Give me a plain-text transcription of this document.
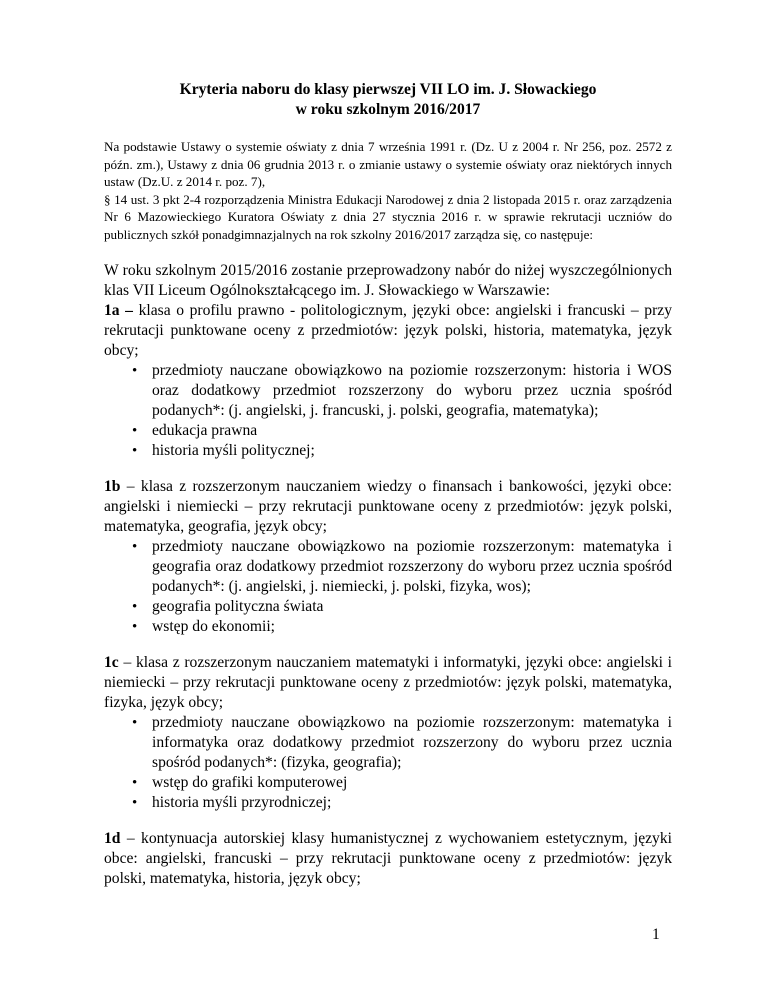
Kryteria naboru do klasy pierwszej VII LO im. J. Słowackiego
w roku szkolnym 2016/2017

Na podstawie Ustawy o systemie oświaty z dnia 7 września 1991 r. (Dz. U z 2004 r. Nr 256, poz. 2572 z późn. zm.), Ustawy z dnia 06 grudnia 2013 r. o zmianie ustawy o systemie oświaty oraz niektórych innych ustaw (Dz.U. z 2014 r. poz. 7),

§ 14 ust. 3 pkt 2-4 rozporządzenia Ministra Edukacji Narodowej z dnia 2 listopada 2015 r. oraz zarządzenia Nr 6 Mazowieckiego Kuratora Oświaty z dnia 27 stycznia 2016 r. w sprawie rekrutacji uczniów do publicznych szkół ponadgimnazjalnych na rok szkolny 2016/2017 zarządza się, co następuje:

W roku szkolnym 2015/2016 zostanie przeprowadzony nabór do niżej wyszczególnionych klas VII Liceum Ogólnokształcącego im. J. Słowackiego w Warszawie:

1a – klasa o profilu prawno - politologicznym, języki obce: angielski i francuski – przy rekrutacji punktowane oceny z przedmiotów: język polski, historia, matematyka, język obcy;

• przedmioty nauczane obowiązkowo na poziomie rozszerzonym: historia i WOS oraz dodatkowy przedmiot rozszerzony do wyboru przez ucznia spośród podanych*: (j. angielski, j. francuski, j. polski, geografia, matematyka);
• edukacja prawna
• historia myśli politycznej;

1b – klasa z rozszerzonym nauczaniem wiedzy o finansach i bankowości, języki obce: angielski i niemiecki – przy rekrutacji punktowane oceny z przedmiotów: język polski, matematyka, geografia, język obcy;

• przedmioty nauczane obowiązkowo na poziomie rozszerzonym: matematyka i geografia oraz dodatkowy przedmiot rozszerzony do wyboru przez ucznia spośród podanych*: (j. angielski, j. niemiecki, j. polski, fizyka, wos);
• geografia polityczna świata
• wstęp do ekonomii;

1c – klasa z rozszerzonym nauczaniem matematyki i informatyki, języki obce: angielski i niemiecki – przy rekrutacji punktowane oceny z przedmiotów: język polski, matematyka, fizyka, język obcy;

• przedmioty nauczane obowiązkowo na poziomie rozszerzonym: matematyka i informatyka oraz dodatkowy przedmiot rozszerzony do wyboru przez ucznia spośród podanych*: (fizyka, geografia);
• wstęp do grafiki komputerowej
• historia myśli przyrodniczej;

1d – kontynuacja autorskiej klasy humanistycznej z wychowaniem estetycznym, języki obce: angielski, francuski – przy rekrutacji punktowane oceny z przedmiotów: język polski, matematyka, historia, język obcy;

1
